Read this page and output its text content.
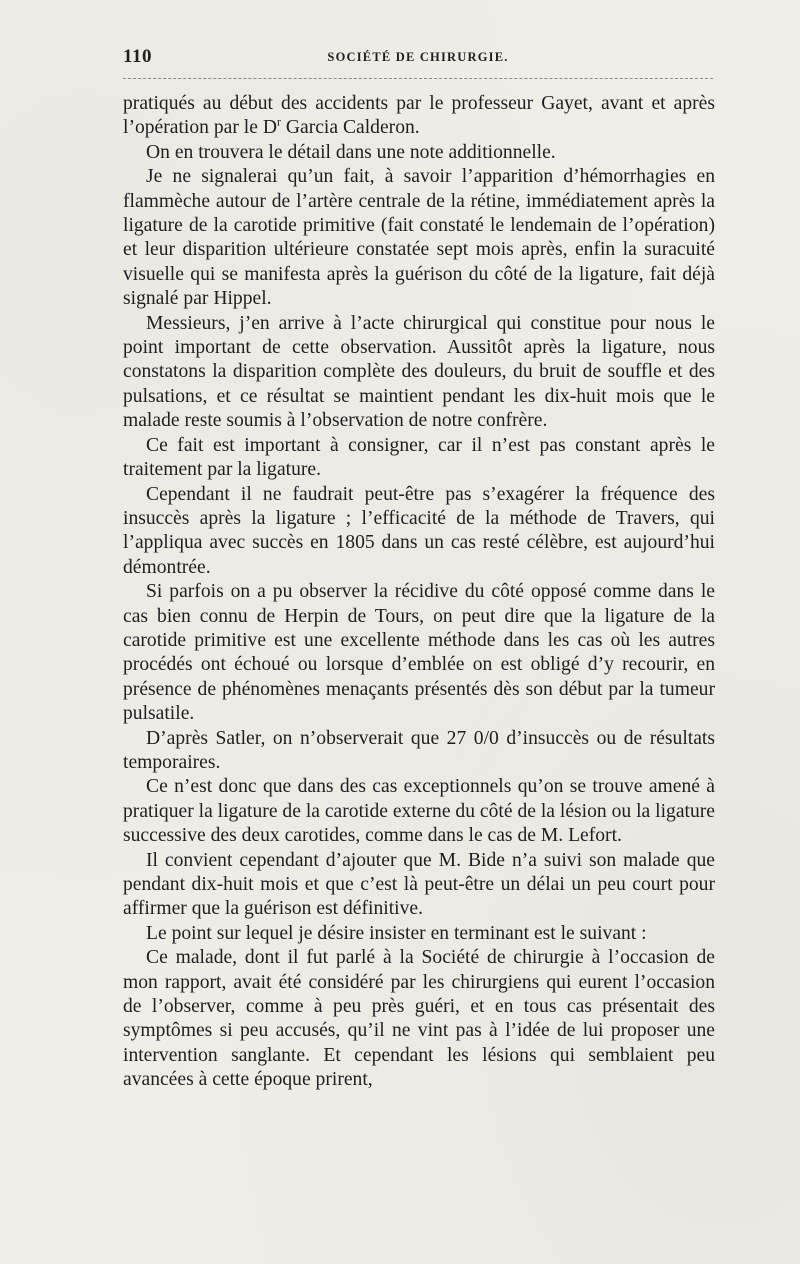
110	SOCIÉTÉ DE CHIRURGIE.

pratiqués au début des accidents par le professeur Gayet, avant et après l’opération par le $D^r$ Garcia Calderon.

On en trouvera le détail dans une note additionnelle.

Je ne signalerai qu’un fait, à savoir l’apparition d’hémorrhagies en flammèche autour de l’artère centrale de la rétine, immédiatement après la ligature de la carotide primitive (fait constaté le lendemain de l’opération) et leur disparition ultérieure constatée sept mois après, enfin la suracuité visuelle qui se manifesta après la guérison du côté de la ligature, fait déjà signalé par Hippel.

Messieurs, j’en arrive à l’acte chirurgical qui constitue pour nous le point important de cette observation. Aussitôt après la ligature, nous constatons la disparition complète des douleurs, du bruit de souffle et des pulsations, et ce résultat se maintient pendant les dix-huit mois que le malade reste soumis à l’observation de notre confrère.

Ce fait est important à consigner, car il n’est pas constant après le traitement par la ligature.

Cependant il ne faudrait peut-être pas s’exagérer la fréquence des insuccès après la ligature ; l’efficacité de la méthode de Travers, qui l’appliqua avec succès en 1805 dans un cas resté célèbre, est aujourd’hui démontrée.

Si parfois on a pu observer la récidive du côté opposé comme dans le cas bien connu de Herpin de Tours, on peut dire que la ligature de la carotide primitive est une excellente méthode dans les cas où les autres procédés ont échoué ou lorsque d’emblée on est obligé d’y recourir, en présence de phénomènes menaçants présentés dès son début par la tumeur pulsatile.

D’après Satler, on n’observerait que 27 0/0 d’insuccès ou de résultats temporaires.

Ce n’est donc que dans des cas exceptionnels qu’on se trouve amené à pratiquer la ligature de la carotide externe du côté de la lésion ou la ligature successive des deux carotides, comme dans le cas de M. Lefort.

Il convient cependant d’ajouter que M. Bide n’a suivi son malade que pendant dix-huit mois et que c’est là peut-être un délai un peu court pour affirmer que la guérison est définitive.

Le point sur lequel je désire insister en terminant est le suivant :

Ce malade, dont il fut parlé à la Société de chirurgie à l’occasion de mon rapport, avait été considéré par les chirurgiens qui eurent l’occasion de l’observer, comme à peu près guéri, et en tous cas présentait des symptômes si peu accusés, qu’il ne vint pas à l’idée de lui proposer une intervention sanglante. Et cependant les lésions qui semblaient peu avancées à cette époque prirent,
